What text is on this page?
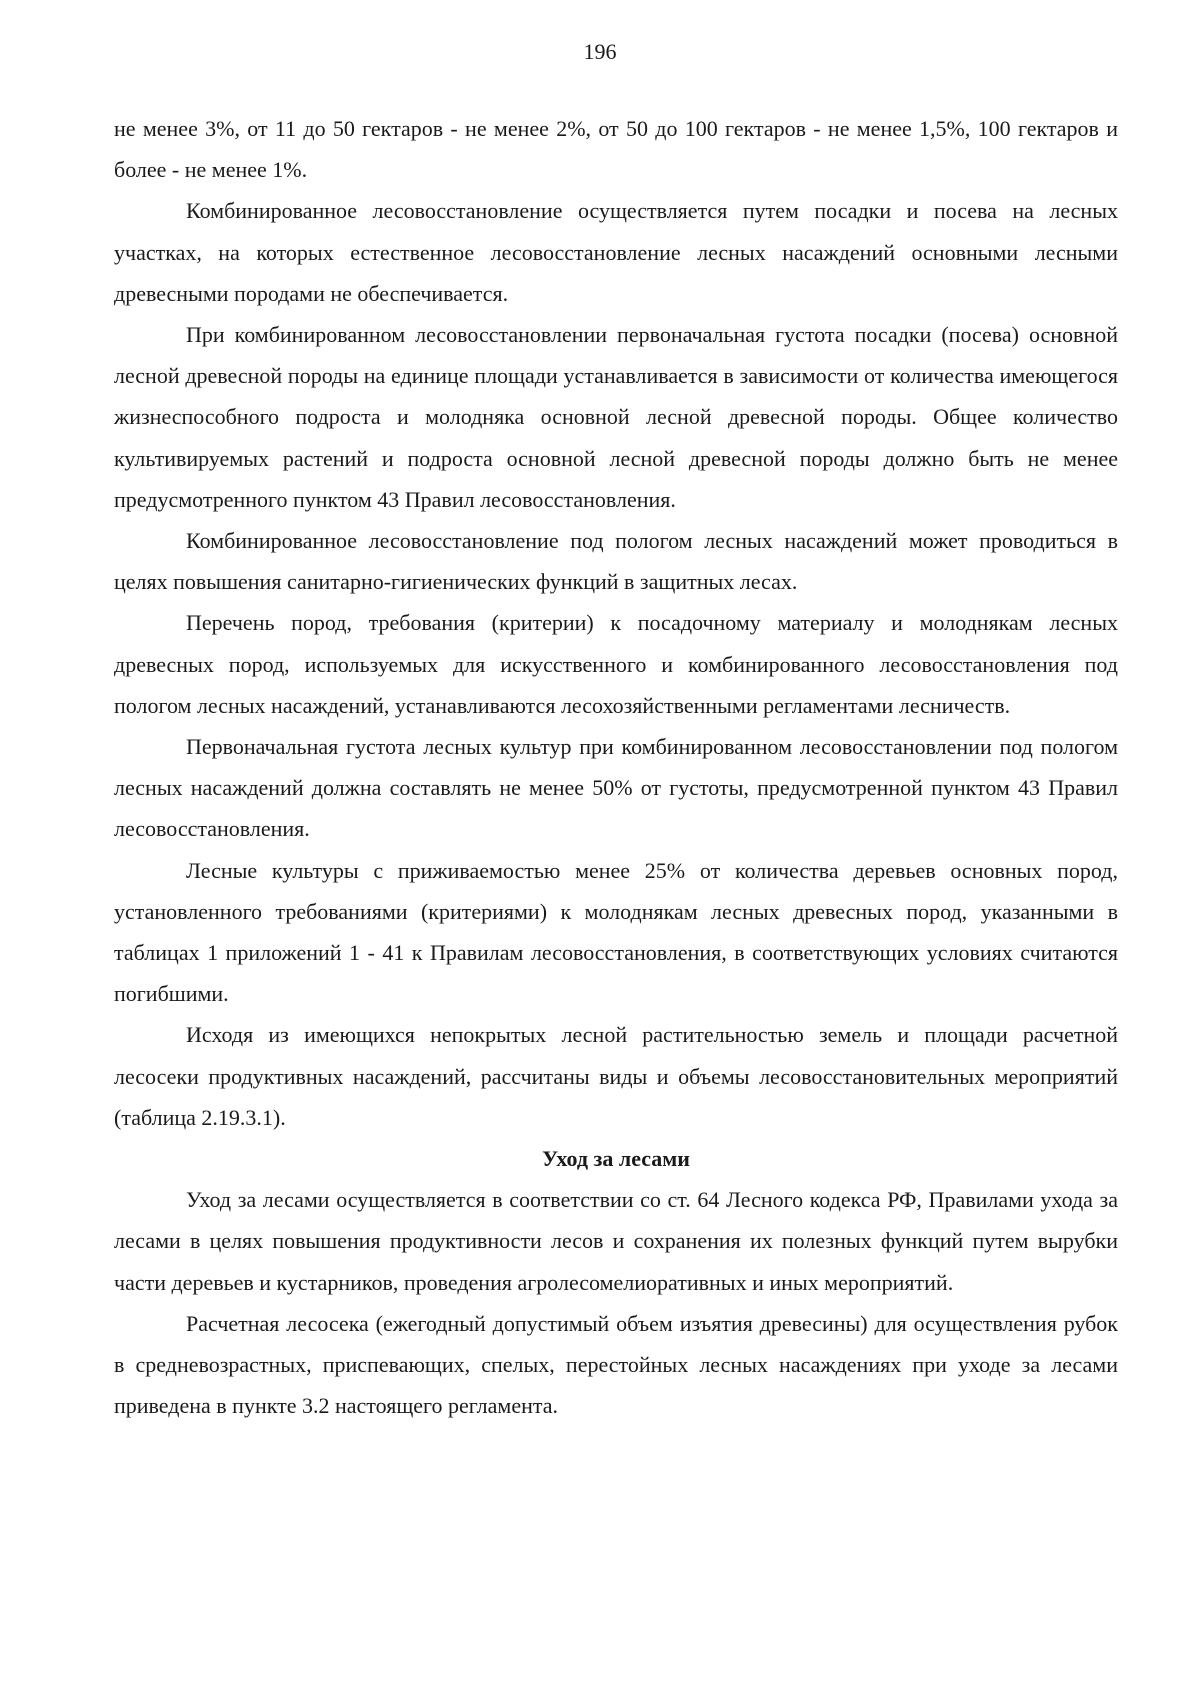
196

не менее 3%, от 11 до 50 гектаров - не менее 2%, от 50 до 100 гектаров - не менее 1,5%, 100 гектаров и более - не менее 1%.

Комбинированное лесовосстановление осуществляется путем посадки и посева на лесных участках, на которых естественное лесовосстановление лесных насаждений основными лесными древесными породами не обеспечивается.

При комбинированном лесовосстановлении первоначальная густота посадки (посева) основной лесной древесной породы на единице площади устанавливается в зависимости от количества имеющегося жизнеспособного подроста и молодняка основной лесной древесной породы. Общее количество культивируемых растений и подроста основной лесной древесной породы должно быть не менее предусмотренного пунктом 43 Правил лесовосстановления.

Комбинированное лесовосстановление под пологом лесных насаждений может проводиться в целях повышения санитарно-гигиенических функций в защитных лесах.

Перечень пород, требования (критерии) к посадочному материалу и молоднякам лесных древесных пород, используемых для искусственного и комбинированного лесовосстановления под пологом лесных насаждений, устанавливаются лесохозяйственными регламентами лесничеств.

Первоначальная густота лесных культур при комбинированном лесовосстановлении под пологом лесных насаждений должна составлять не менее 50% от густоты, предусмотренной пунктом 43 Правил лесовосстановления.

Лесные культуры с приживаемостью менее 25% от количества деревьев основных пород, установленного требованиями (критериями) к молоднякам лесных древесных пород, указанными в таблицах 1 приложений 1 - 41 к Правилам лесовосстановления, в соответствующих условиях считаются погибшими.

Исходя из имеющихся непокрытых лесной растительностью земель и площади расчетной лесосеки продуктивных насаждений, рассчитаны виды и объемы лесовосстановительных мероприятий (таблица 2.19.3.1).

Уход за лесами

Уход за лесами осуществляется в соответствии со ст. 64 Лесного кодекса РФ, Правилами ухода за лесами в целях повышения продуктивности лесов и сохранения их полезных функций путем вырубки части деревьев и кустарников, проведения агролесомелиоративных и иных мероприятий.

Расчетная лесосека (ежегодный допустимый объем изъятия древесины) для осуществления рубок в средневозрастных, приспевающих, спелых, перестойных лесных насаждениях при уходе за лесами приведена в пункте 3.2 настоящего регламента.
